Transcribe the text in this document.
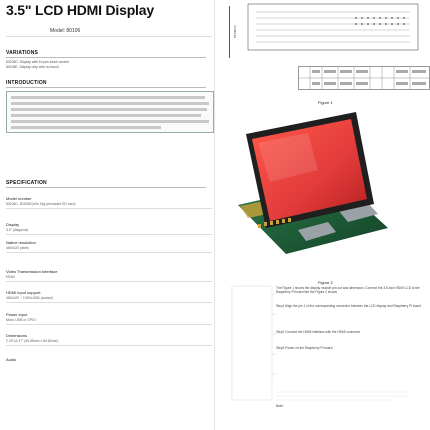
3.5" LCD HDMI Display
Model: 80106
VARIATIONS
80106C: Display with 16 pcs touch screen
80106E: Display only with no touch
INTRODUCTION
SPECIFICATION
Model number
80106C, 80106E(with 16g preloaded SD card)
Display
3.5" (diagonal)
Native resolution
480x320 pixels
Video Transmission Interface
HDMI
HDMI input support
480x320 ~ 1920x1080 (scaled)
Power Input
Micro USB or GPIO
Dimensions
2.20"x3.37" (55.88mm x 85.60mm)
Audio
55.88mm
Figure 1
Figure 2
The Figure 1 shows the display module pin out and dimension. Connect the 3.5-inch HDMI LCD to the Raspberry Pi board like the Figure 2 shows
Step1 Align the pin 1 of the corresponding connector between the LCD display and Raspberry Pi board
Step2 Connect the HDMI interface with the HDMI connector
Step3 Power on the Raspberry Pi board
Note:
